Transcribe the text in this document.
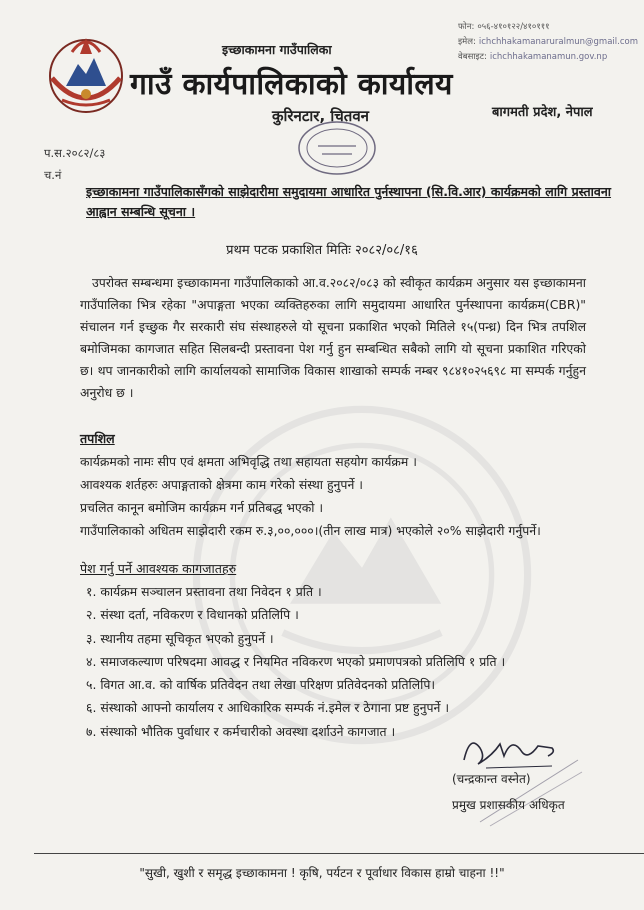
इच्छाकामना गाउँपालिका
गाउँ कार्यपालिकाको कार्यालय
कुरिनटार, चितवन	बागमती प्रदेश, नेपाल
फोन: ०५६-४१०१२२/४१०१११
इमेल: ichchhakamanaruralmun@gmail.com
वेबसाइट: ichchhakamanamun.gov.np
प.स.२०८२/८३
च.नं
इच्छाकामना गाउँपालिकासँगको साझेदारीमा समुदायमा आधारित पुर्नस्थापना (सि.वि.आर) कार्यक्रमको लागि प्रस्तावना आह्वान सम्बन्धि सूचना ।
प्रथम पटक प्रकाशित मितिः २०८२/०८/१६
उपरोक्त सम्बन्धमा इच्छाकामना गाउँपालिकाको आ.व.२०८२/०८३ को स्वीकृत कार्यक्रम अनुसार यस इच्छाकामना गाउँपालिका भित्र रहेका "अपाङ्गता भएका व्यक्तिहरुका लागि समुदायमा आधारित पुर्नस्थापना कार्यक्रम(CBR)" संचालन गर्न इच्छुक गैर सरकारी संघ संस्थाहरुले यो सूचना प्रकाशित भएको मितिले १५(पन्ध्र) दिन भित्र तपशिल बमोजिमका कागजात सहित सिलबन्दी प्रस्तावना पेश गर्नु हुन सम्बन्धित सबैको लागि यो सूचना प्रकाशित गरिएको छ। थप जानकारीको लागि कार्यालयको सामाजिक विकास शाखाको सम्पर्क नम्बर ९८४१०२५६९८ मा सम्पर्क गर्नुहुन अनुरोध छ ।
तपशिल
कार्यक्रमको नामः सीप एवं क्षमता अभिवृद्धि तथा सहायता सहयोग कार्यक्रम ।
आवश्यक शर्तहरुः अपाङ्गताको क्षेत्रमा काम गरेको संस्था हुनुपर्ने ।
प्रचलित कानून बमोजिम कार्यक्रम गर्न प्रतिबद्ध भएको ।
गाउँपालिकाको अधितम साझेदारी रकम रु.३,००,०००।(तीन लाख मात्र) भएकोले २०% साझेदारी गर्नुपर्ने।
पेश गर्नु पर्ने आवश्यक कागजातहरु
१. कार्यक्रम सञ्चालन प्रस्तावना तथा निवेदन १ प्रति ।
२. संस्था दर्ता, नविकरण र विधानको प्रतिलिपि ।
३. स्थानीय तहमा सूचिकृत भएको हुनुपर्ने ।
४. समाजकल्याण परिषदमा आवद्ध र नियमित नविकरण भएको प्रमाणपत्रको प्रतिलिपि १ प्रति ।
५. विगत आ.व. को वार्षिक प्रतिवेदन तथा लेखा परिक्षण प्रतिवेदनको प्रतिलिपि।
६. संस्थाको आफ्नो कार्यालय र आधिकारिक सम्पर्क नं.इमेल र ठेगाना प्रष्ट हुनुपर्ने ।
७. संस्थाको भौतिक पुर्वाधार र कर्मचारीको अवस्था दर्शाउने कागजात ।
(चन्द्रकान्त वस्नेत)
प्रमुख प्रशासकीय अधिकृत
"सुखी, खुशी र समृद्ध इच्छाकामना ! कृषि, पर्यटन र पूर्वाधार विकास हाम्रो चाहना !!"
